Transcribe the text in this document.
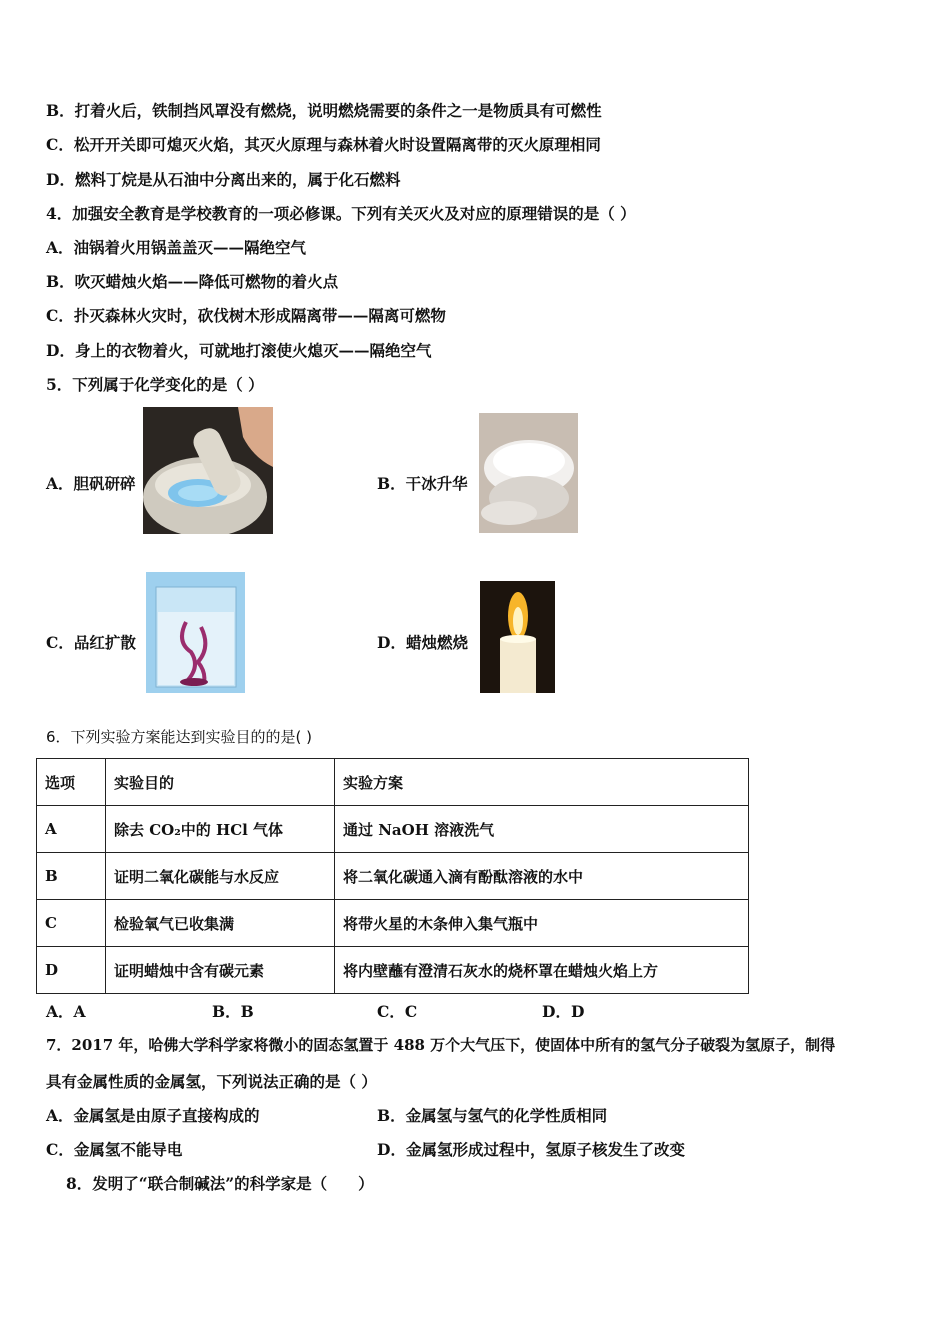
B．打着火后，铁制挡风罩没有燃烧，说明燃烧需要的条件之一是物质具有可燃性
C．松开开关即可熄灭火焰，其灭火原理与森林着火时设置隔离带的灭火原理相同
D．燃料丁烷是从石油中分离出来的，属于化石燃料
4．加强安全教育是学校教育的一项必修课。下列有关灭火及对应的原理错误的是（ ）
A．油锅着火用锅盖盖灭——隔绝空气
B．吹灭蜡烛火焰——降低可燃物的着火点
C．扑灭森林火灾时，砍伐树木形成隔离带——隔离可燃物
D．身上的衣物着火，可就地打滚使火熄灭——隔绝空气
5．下列属于化学变化的是（ ）
A．胆矾研碎	B．干冰升华
C．品红扩散	D．蜡烛燃烧
6．下列实验方案能达到实验目的的是( )
选项	实验目的	实验方案
A	除去 CO₂中的 HCl 气体	通过 NaOH 溶液洗气
B	证明二氧化碳能与水反应	将二氧化碳通入滴有酚酞溶液的水中
C	检验氧气已收集满	将带火星的木条伸入集气瓶中
D	证明蜡烛中含有碳元素	将内壁蘸有澄清石灰水的烧杯罩在蜡烛火焰上方
A．A	B．B	C．C	D．D
7．2017 年，哈佛大学科学家将微小的固态氢置于 488 万个大气压下，使固体中所有的氢气分子破裂为氢原子，制得
具有金属性质的金属氢，下列说法正确的是（ ）
A．金属氢是由原子直接构成的	B．金属氢与氢气的化学性质相同
C．金属氢不能导电	D．金属氢形成过程中，氢原子核发生了改变
8．发明了“联合制碱法”的科学家是（　　）
